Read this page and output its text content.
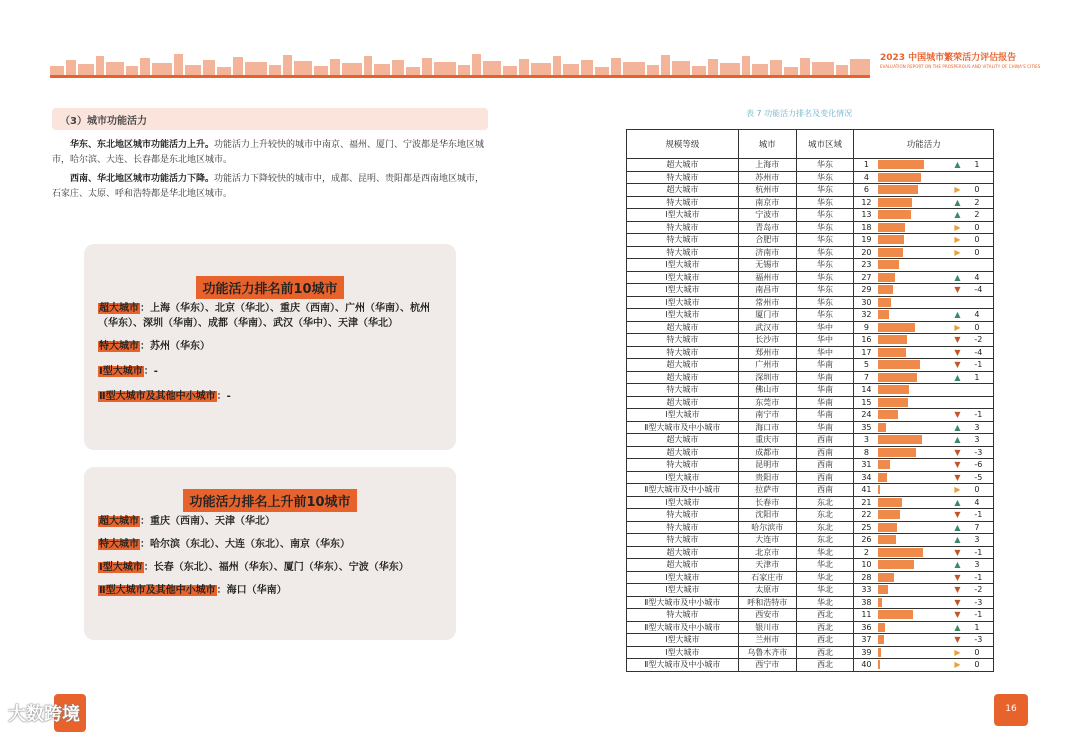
2023 中国城市繁荣活力评估报告
EVALUATION REPORT ON THE PROSPEROUS AND VITALITY OF CHINA'S CITIES
（3）城市功能活力
华东、东北地区城市功能活力上升。功能活力上升较快的城市中南京、福州、厦门、宁波都是华东地区城市，哈尔滨、大连、长春都是东北地区城市。
西南、华北地区城市功能活力下降。功能活力下降较快的城市中，成都、昆明、贵阳都是西南地区城市，石家庄、太原、呼和浩特都是华北地区城市。
功能活力排名前10城市
超大城市：上海（华东）、北京（华北）、重庆（西南）、广州（华南）、杭州（华东）、深圳（华南）、成都（华南）、武汉（华中）、天津（华北）
特大城市：苏州（华东）
Ⅰ型大城市：-
Ⅱ型大城市及其他中小城市：-
功能活力排名上升前10城市
超大城市：重庆（西南）、天津（华北）
特大城市：哈尔滨（东北）、大连（东北）、南京（华东）
Ⅰ型大城市：长春（东北）、福州（华东）、厦门（华东）、宁波（华东）
Ⅱ型大城市及其他中小城市：海口（华南）
表 7 功能活力排名及变化情况
规模等级	城市	城市区域	功能活力
超大城市	上海市	华东	1 ▲ 1

特大城市	苏州市	华东	4
超大城市	杭州市	华东	6 ▶ 0

特大城市	南京市	华东	12 ▲ 2

Ⅰ型大城市	宁波市	华东	13 ▲ 2

特大城市	青岛市	华东	18 ▶ 0

特大城市	合肥市	华东	19 ▶ 0

特大城市	济南市	华东	20 ▶ 0

Ⅰ型大城市	无锡市	华东	23
Ⅰ型大城市	福州市	华东	27 ▲ 4

Ⅰ型大城市	南昌市	华东	29 ▼ -4

Ⅰ型大城市	常州市	华东	30
Ⅰ型大城市	厦门市	华东	32 ▲ 4

超大城市	武汉市	华中	9 ▶ 0

特大城市	长沙市	华中	16 ▼ -2

特大城市	郑州市	华中	17 ▼ -4

超大城市	广州市	华南	5 ▼ -1

超大城市	深圳市	华南	7 ▲ 1

特大城市	佛山市	华南	14
超大城市	东莞市	华南	15
Ⅰ型大城市	南宁市	华南	24 ▼ -1

Ⅱ型大城市及中小城市	海口市	华南	35 ▲ 3

超大城市	重庆市	西南	3 ▲ 3

超大城市	成都市	西南	8 ▼ -3

特大城市	昆明市	西南	31 ▼ -6

Ⅰ型大城市	贵阳市	西南	34 ▼ -5

Ⅱ型大城市及中小城市	拉萨市	西南	41 ▶ 0

Ⅰ型大城市	长春市	东北	21 ▲ 4

特大城市	沈阳市	东北	22 ▼ -1

特大城市	哈尔滨市	东北	25 ▲ 7

特大城市	大连市	东北	26 ▲ 3

超大城市	北京市	华北	2 ▼ -1

超大城市	天津市	华北	10 ▲ 3

Ⅰ型大城市	石家庄市	华北	28 ▼ -1

Ⅰ型大城市	太原市	华北	33 ▼ -2

Ⅱ型大城市及中小城市	呼和浩特市	华北	38 ▼ -3

特大城市	西安市	西北	11 ▼ -1

Ⅱ型大城市及中小城市	银川市	西北	36 ▲ 1

Ⅰ型大城市	兰州市	西北	37 ▼ -3

Ⅰ型大城市	乌鲁木齐市	西北	39 ▶ 0

Ⅱ型大城市及中小城市	西宁市	西北	40 ▶ 0
16
大数跨境
